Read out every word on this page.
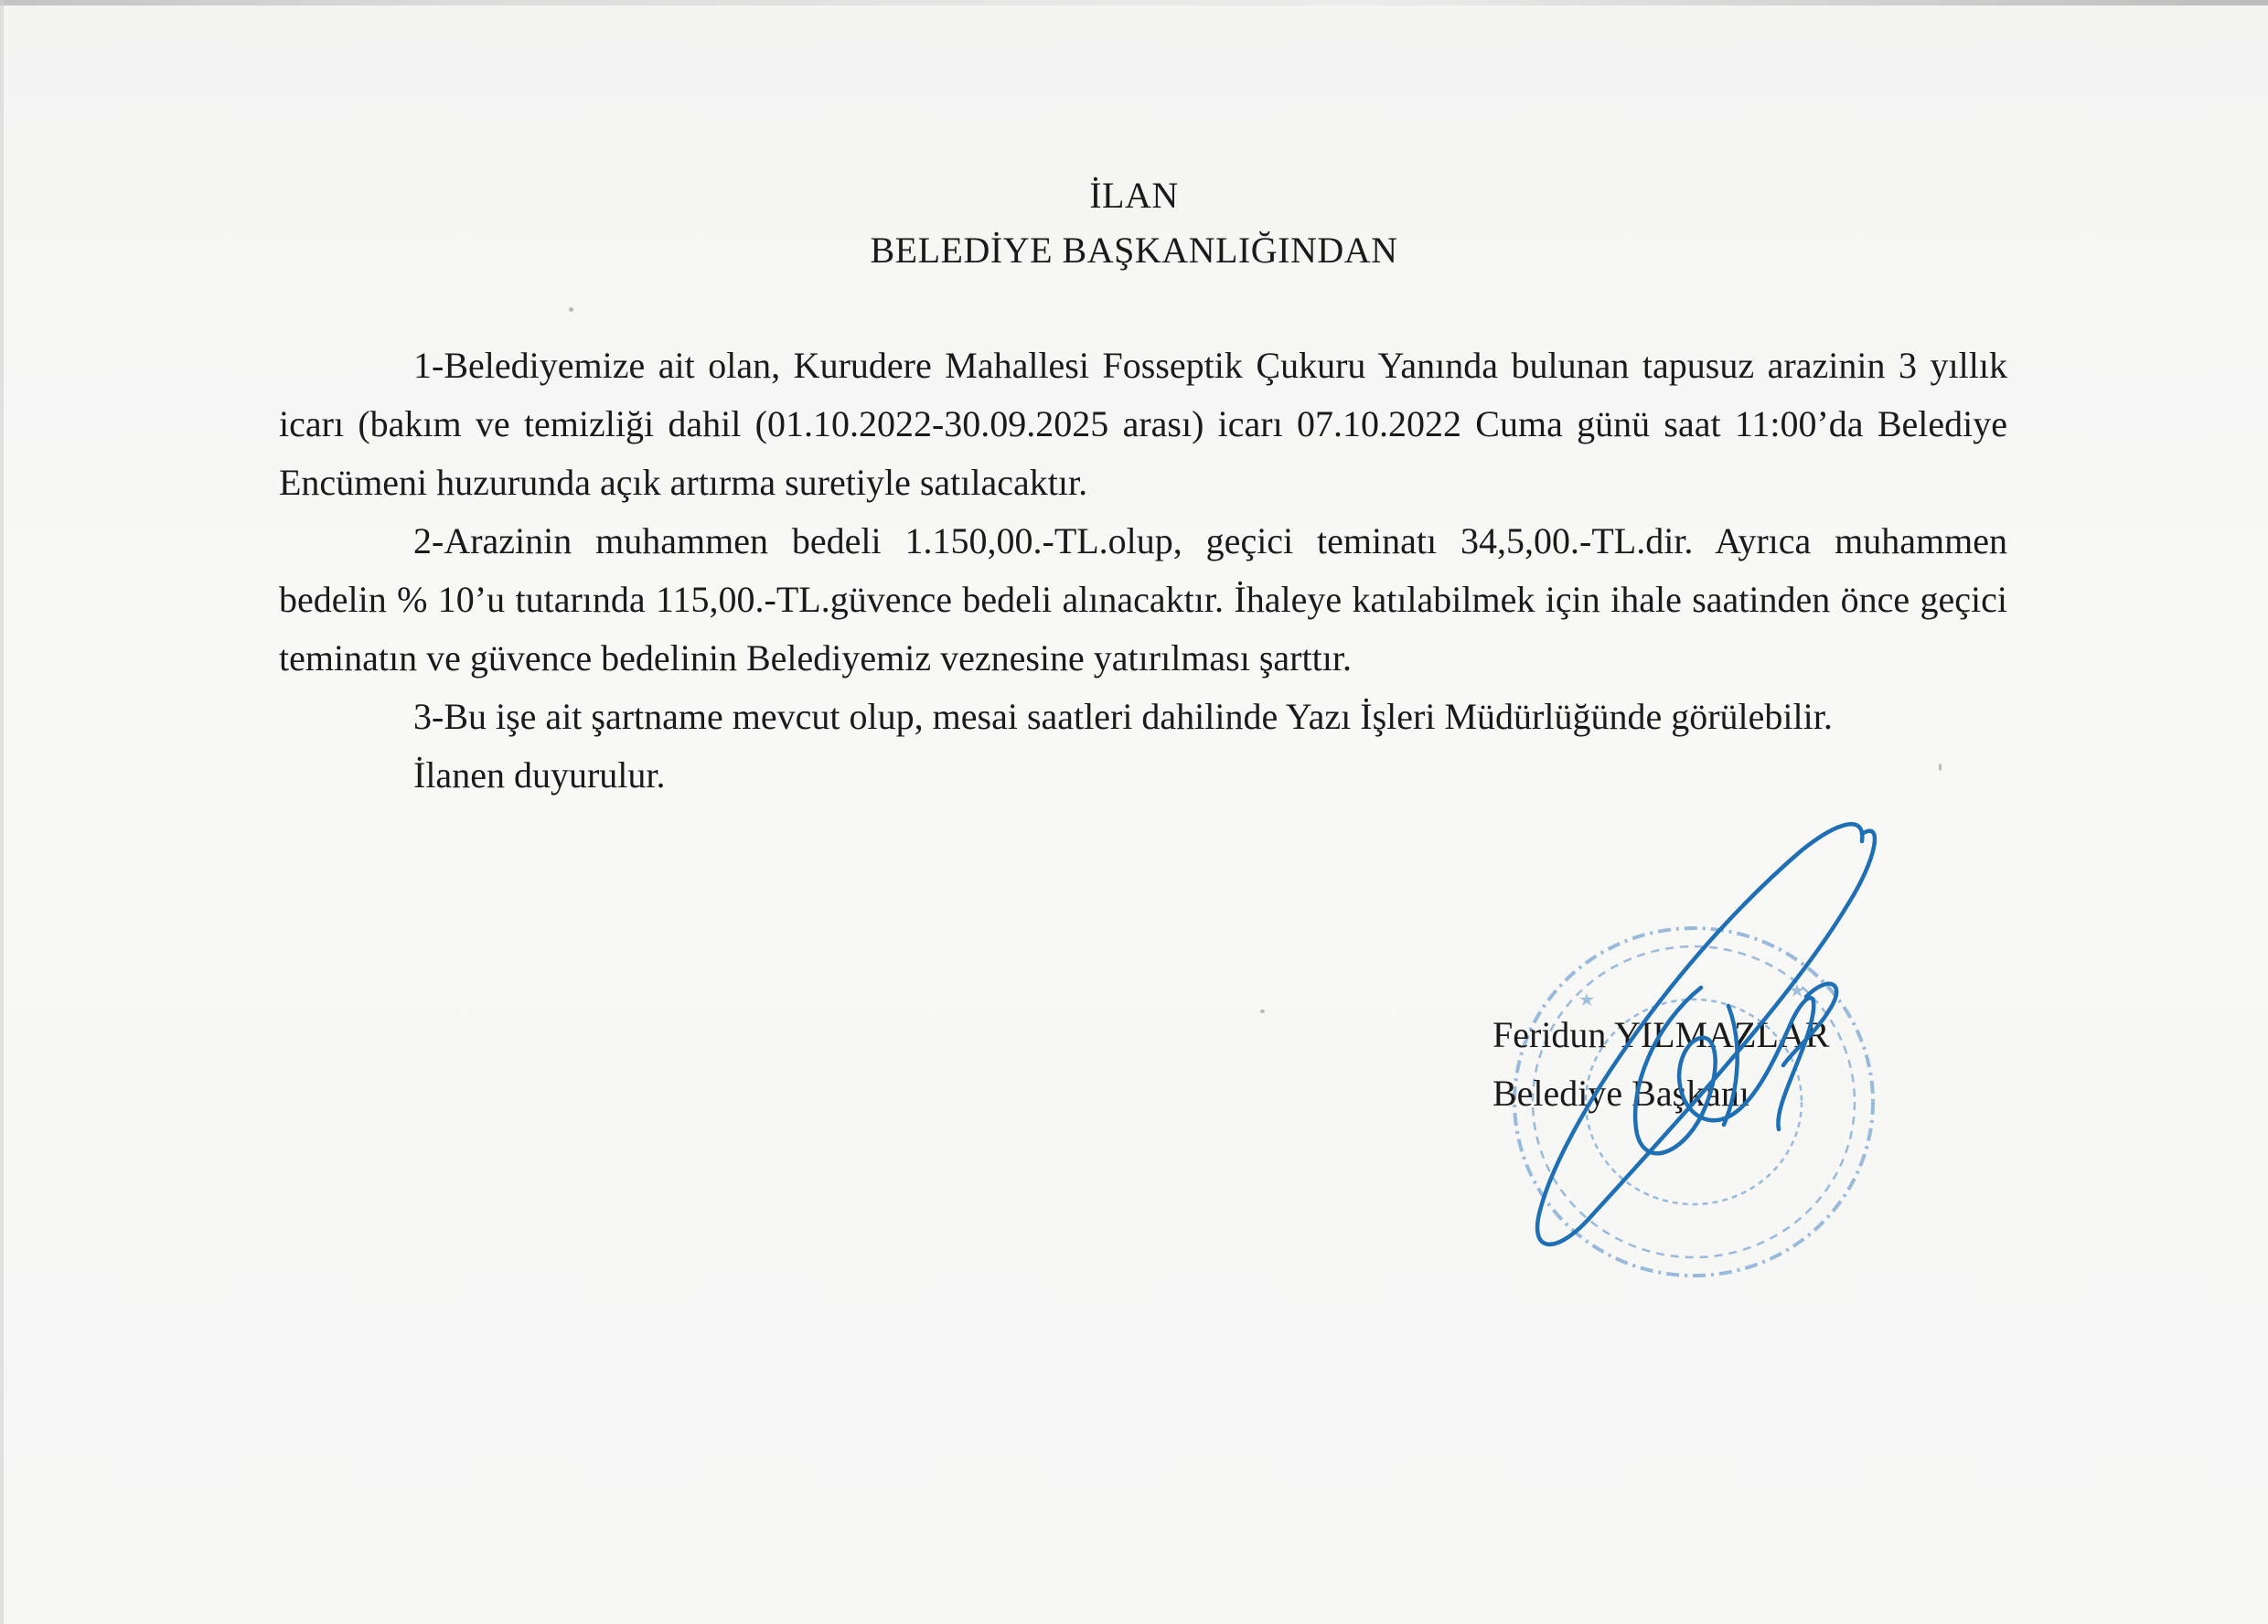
İLAN
BELEDİYE BAŞKANLIĞINDAN

1-Belediyemize ait olan, Kurudere Mahallesi Fosseptik Çukuru Yanında bulunan tapusuz arazinin 3 yıllık icarı (bakım ve temizliği dahil (01.10.2022-30.09.2025 arası) icarı 07.10.2022 Cuma günü saat 11:00’da Belediye Encümeni huzurunda açık artırma suretiyle satılacaktır.

2-Arazinin muhammen bedeli 1.150,00.-TL.olup, geçici teminatı 34,5,00.-TL.dir. Ayrıca muhammen bedelin % 10’u tutarında 115,00.-TL.güvence bedeli alınacaktır. İhaleye katılabilmek için ihale saatinden önce geçici teminatın ve güvence bedelinin Belediyemiz veznesine yatırılması şarttır.

3-Bu işe ait şartname mevcut olup, mesai saatleri dahilinde Yazı İşleri Müdürlüğünde görülebilir.

İlanen duyurulur.

Feridun YILMAZLAR
Belediye Başkanı
